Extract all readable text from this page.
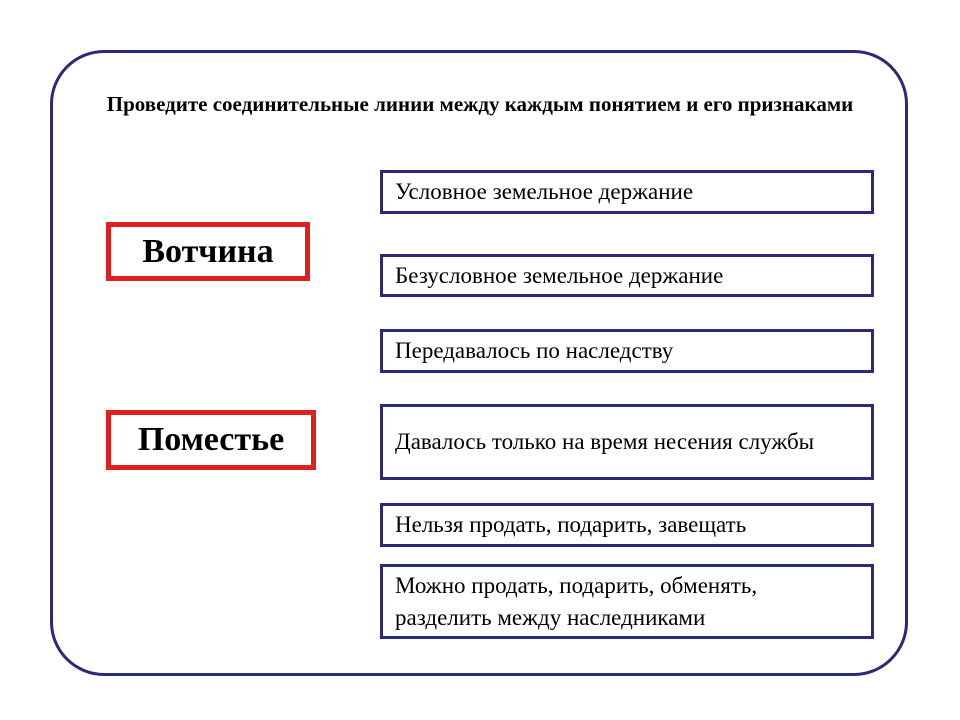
Проведите соединительные линии между каждым понятием и его признаками
Вотчина
Поместье
Условное земельное держание
Безусловное земельное держание
Передавалось по наследству
Давалось только на время несения службы
Нельзя продать, подарить, завещать
Можно продать, подарить, обменять, разделить между наследниками
